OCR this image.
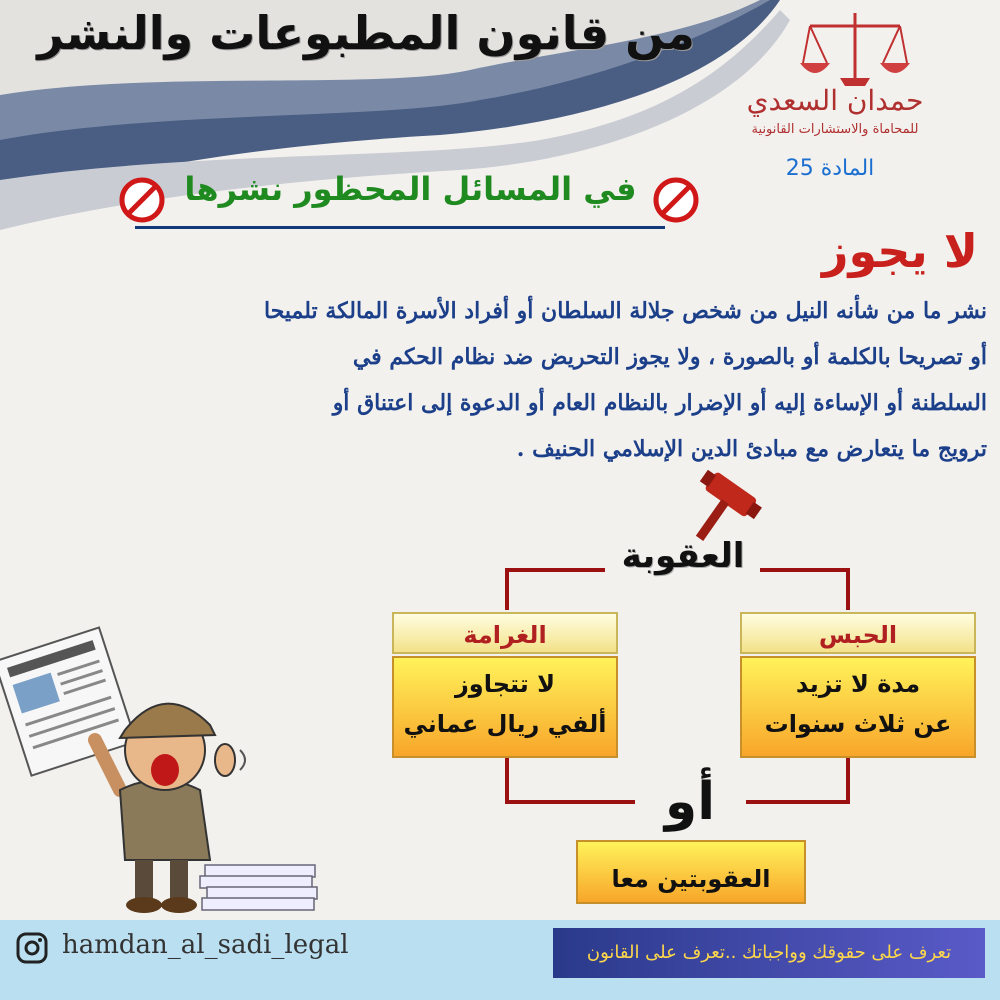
من قانون المطبوعات والنشر
حمدان السعدي
للمحاماة والاستشارات القانونية
المادة 25
في المسائل المحظور نشرها
لا يجوز
نشر ما من شأنه النيل من شخص جلالة السلطان أو أفراد الأسرة المالكة تلميحا
أو تصريحا بالكلمة أو بالصورة ، ولا يجوز التحريض ضد نظام الحكم في
السلطنة أو الإساءة إليه أو الإضرار بالنظام العام أو الدعوة إلى اعتناق أو
ترويج ما يتعارض مع مبادئ الدين الإسلامي الحنيف .
العقوبة
الغرامة
لا تتجاوز
ألفي ريال عماني
الحبس
مدة لا تزيد
عن ثلاث سنوات
أو
العقوبتين معا
hamdan_al_sadi_legal	تعرف على حقوقك وواجباتك ..تعرف على القانون
